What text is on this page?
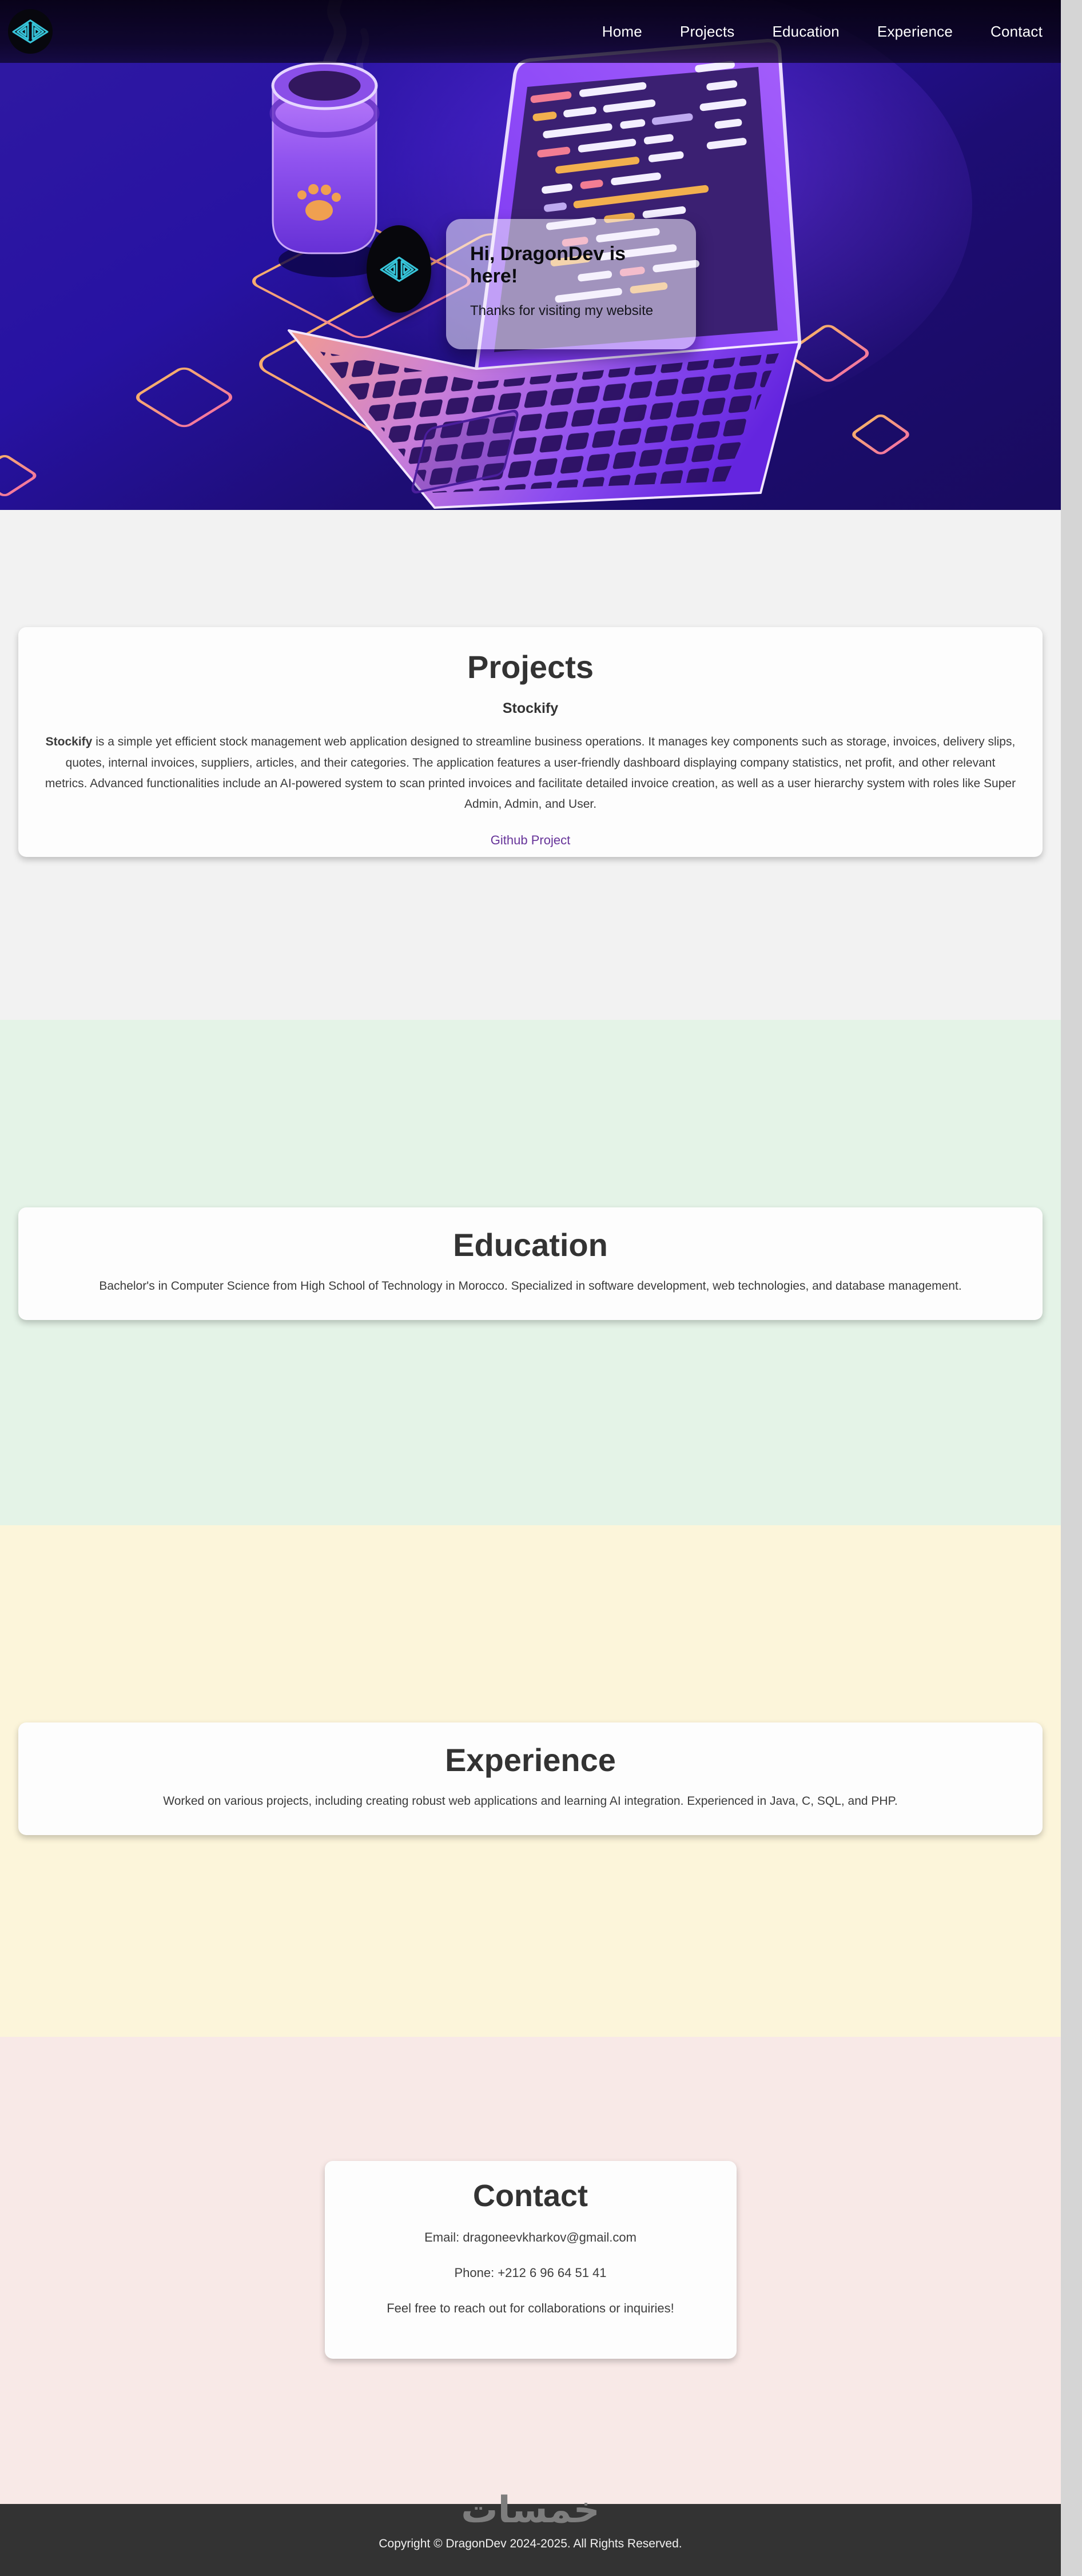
Home	Projects	Education	Experience	Contact
Hi, DragonDev is here!

Thanks for visiting my website

Projects
Stockify

Stockify is a simple yet efficient stock management web application designed to streamline business operations. It manages key components such as storage, invoices, delivery slips, quotes, internal invoices, suppliers, articles, and their categories. The application features a user-friendly dashboard displaying company statistics, net profit, and other relevant metrics. Advanced functionalities include an AI-powered system to scan printed invoices and facilitate detailed invoice creation, as well as a user hierarchy system with roles like Super Admin, Admin, and User.

Github Project
Education

Bachelor's in Computer Science from High School of Technology in Morocco. Specialized in software development, web technologies, and database management.

Experience

Worked on various projects, including creating robust web applications and learning AI integration. Experienced in Java, C, SQL, and PHP.

Contact

Email: dragoneevkharkov@gmail.com

Phone: +212 6 96 64 51 41

Feel free to reach out for collaborations or inquiries!

خمسات

Copyright © DragonDev 2024-2025. All Rights Reserved.
